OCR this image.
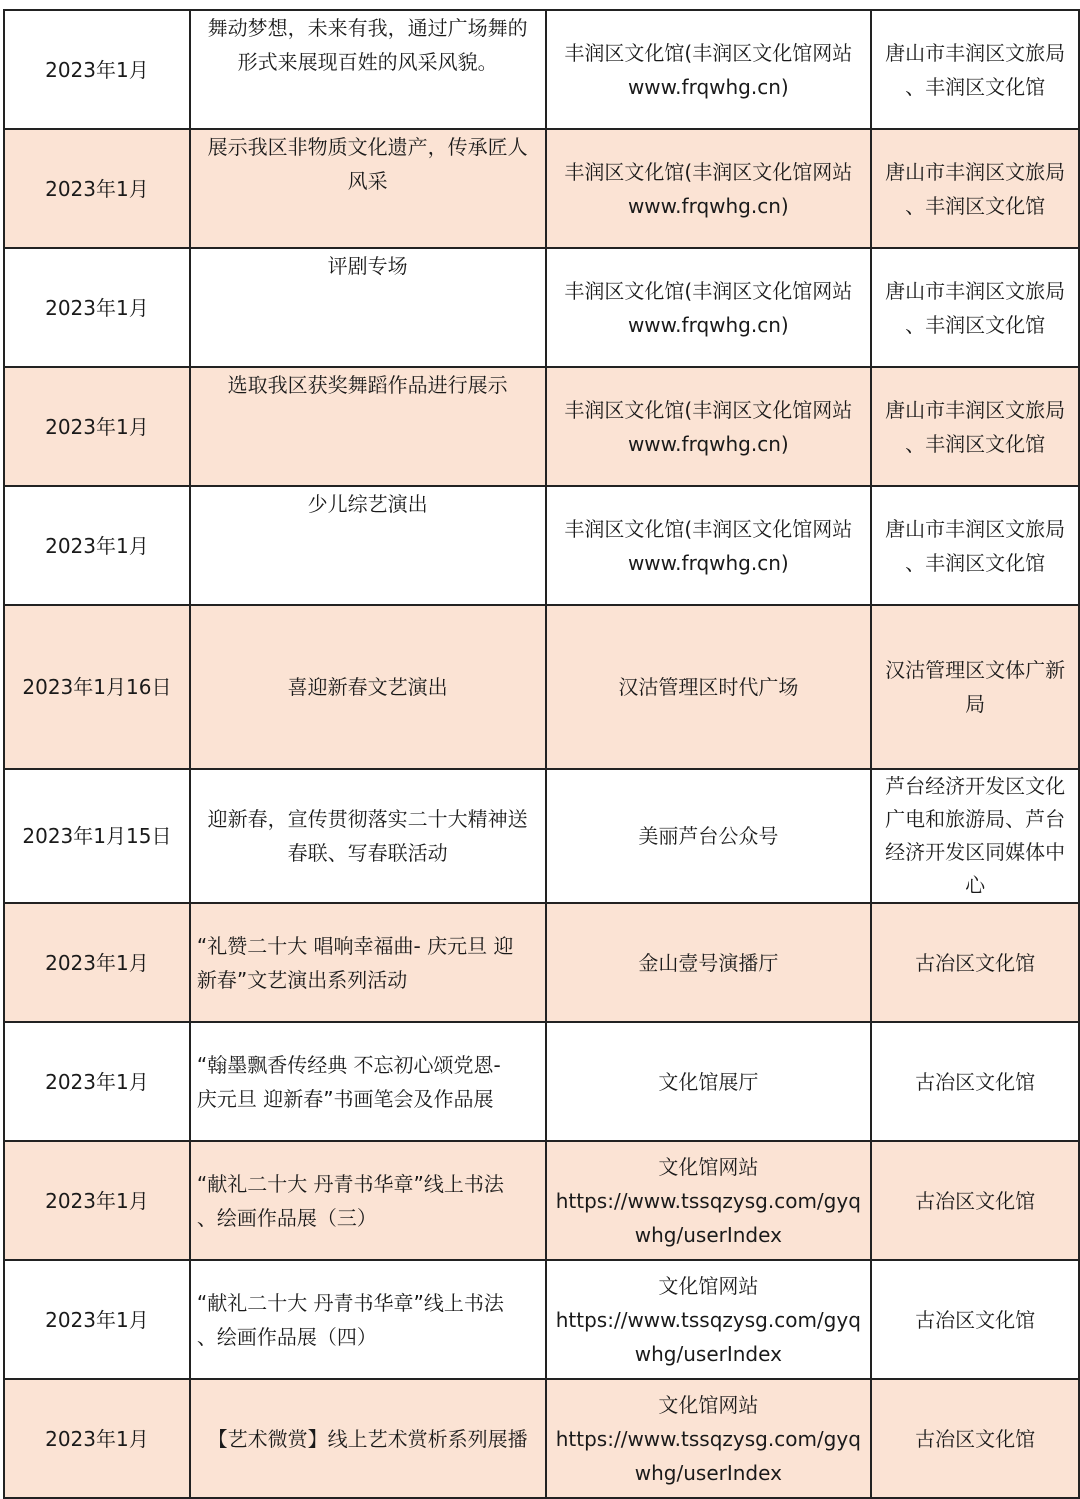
2023年1月	舞动梦想，未来有我，通过广场舞的
形式来展现百姓的风采风貌。	丰润区文化馆(丰润区文化馆网站
www.frqwhg.cn)	唐山市丰润区文旅局
、丰润区文化馆

2023年1月	展示我区非物质文化遗产，传承匠人
风采	丰润区文化馆(丰润区文化馆网站
www.frqwhg.cn)	唐山市丰润区文旅局
、丰润区文化馆

2023年1月	评剧专场	丰润区文化馆(丰润区文化馆网站
www.frqwhg.cn)	唐山市丰润区文旅局
、丰润区文化馆

2023年1月	选取我区获奖舞蹈作品进行展示	丰润区文化馆(丰润区文化馆网站
www.frqwhg.cn)	唐山市丰润区文旅局
、丰润区文化馆

2023年1月	少儿综艺演出	丰润区文化馆(丰润区文化馆网站
www.frqwhg.cn)	唐山市丰润区文旅局
、丰润区文化馆

2023年1月16日	喜迎新春文艺演出	汉沽管理区时代广场	汉沽管理区文体广新
局

2023年1月15日	迎新春，宣传贯彻落实二十大精神送
春联、写春联活动	美丽芦台公众号	芦台经济开发区文化
广电和旅游局、芦台
经济开发区同媒体中
心

2023年1月	“礼赞二十大 唱响幸福曲- 庆元旦 迎
新春”文艺演出系列活动	金山壹号演播厅	古冶区文化馆

2023年1月	“翰墨飘香传经典 不忘初心颂党恩-
庆元旦 迎新春”书画笔会及作品展	文化馆展厅	古冶区文化馆

2023年1月	“献礼二十大 丹青书华章”线上书法
、绘画作品展（三）	文化馆网站
https://www.tssqzysg.com/gyq
whg/userIndex	古冶区文化馆

2023年1月	“献礼二十大 丹青书华章”线上书法
、绘画作品展（四）	文化馆网站
https://www.tssqzysg.com/gyq
whg/userIndex	古冶区文化馆

2023年1月	【艺术微赏】线上艺术赏析系列展播	文化馆网站
https://www.tssqzysg.com/gyq
whg/userIndex	古冶区文化馆
